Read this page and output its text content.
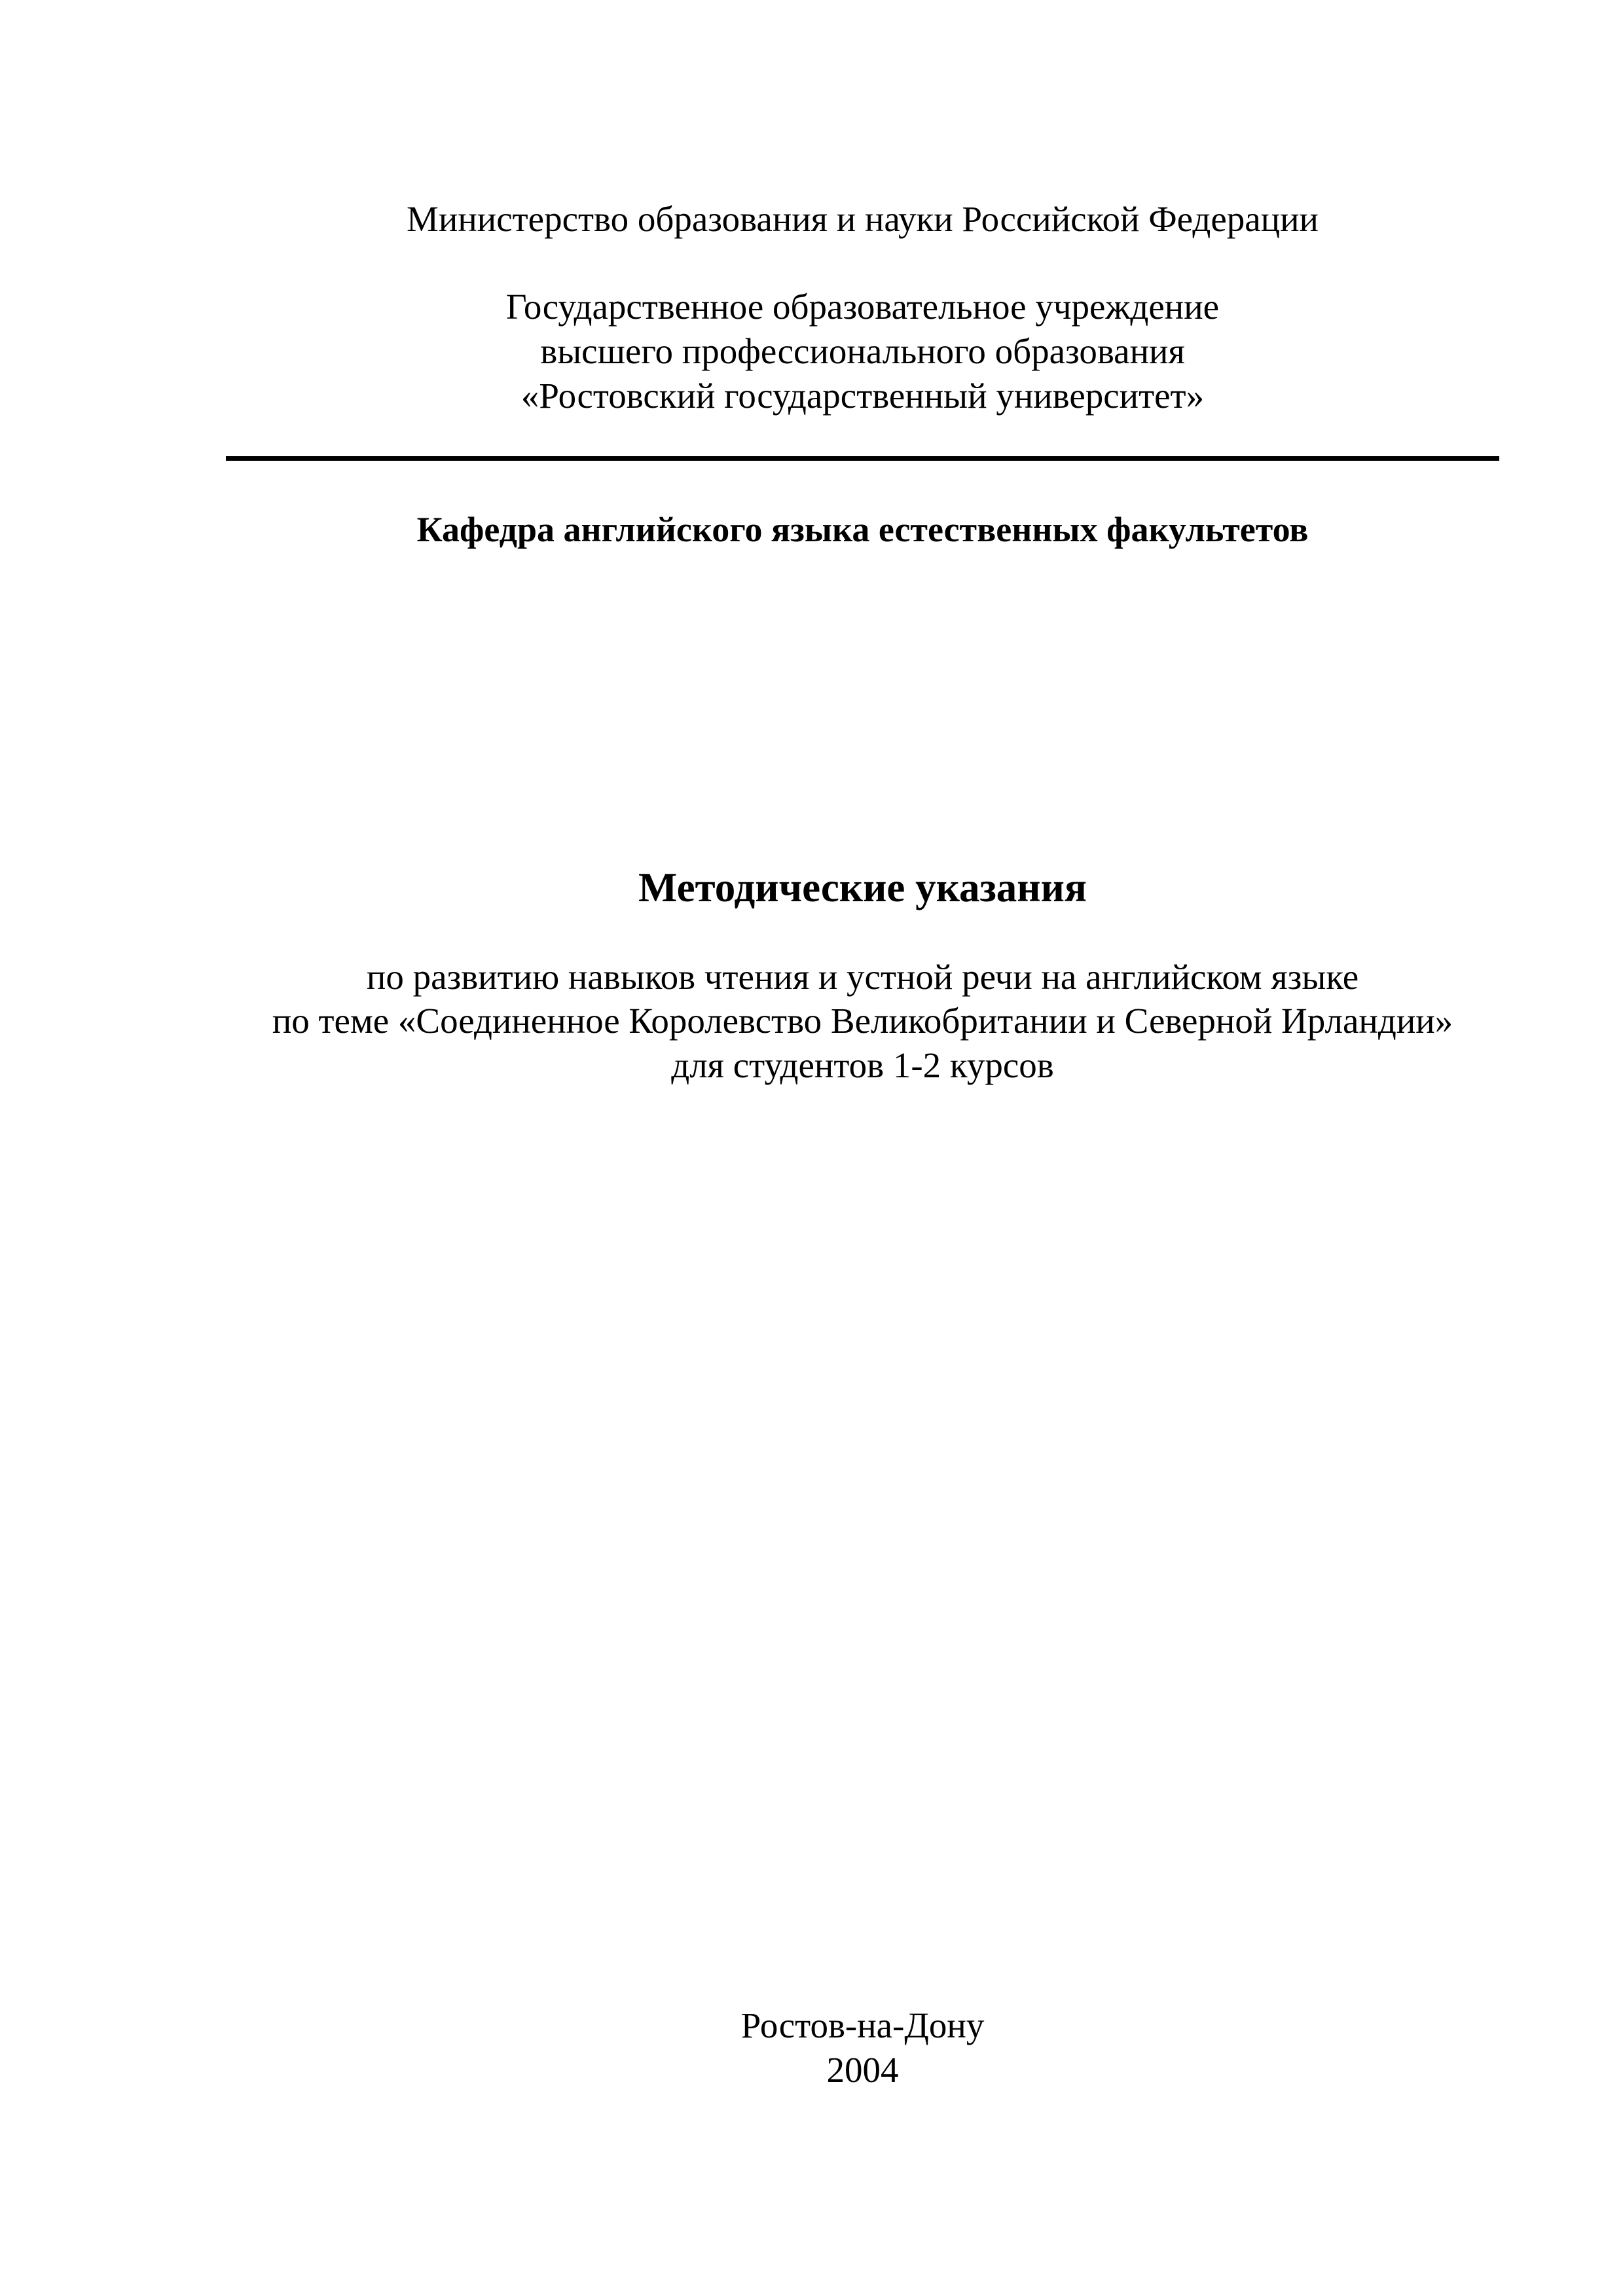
Министерство образования и науки Российской Федерации
Государственное образовательное учреждение
высшего профессионального образования
«Ростовский государственный университет»
Кафедра английского языка естественных факультетов
Методические указания
по развитию навыков чтения и устной речи на английском языке
по теме «Соединенное Королевство Великобритании и Северной Ирландии»
для студентов 1-2 курсов
Ростов-на-Дону
2004
